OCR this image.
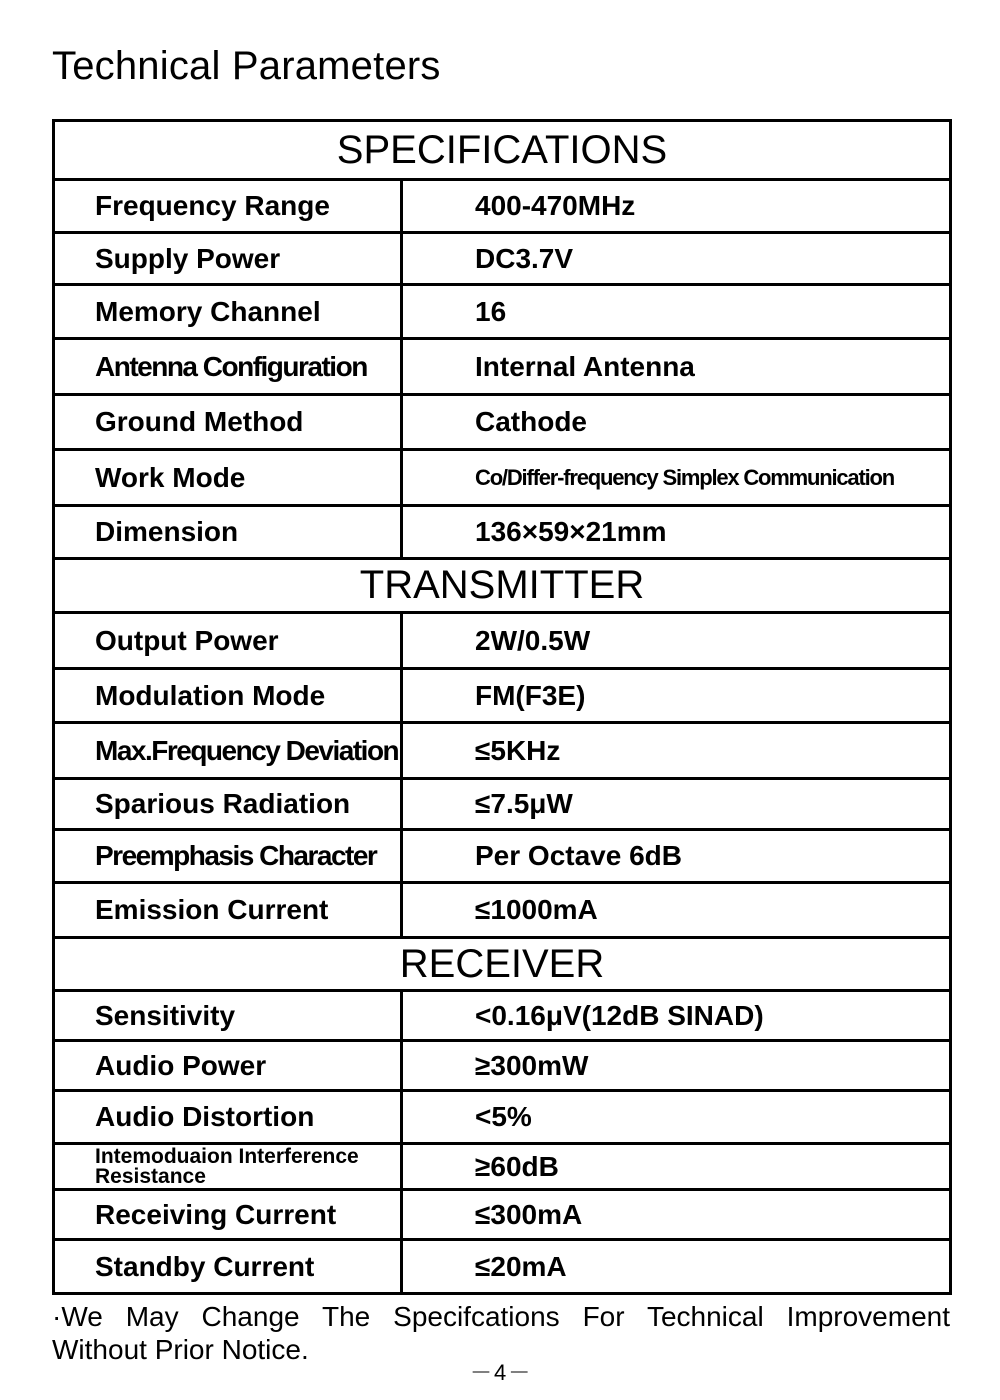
Technical Parameters
SPECIFICATIONS
Frequency Range	400-470MHz
Supply Power	DC3.7V
Memory Channel	16
Antenna Configuration	Internal Antenna
Ground Method	Cathode
Work Mode	Co/Differ-frequency Simplex Communication
Dimension	136×59×21mm
TRANSMITTER
Output Power	2W/0.5W
Modulation Mode	FM(F3E)
Max.Frequency Deviation	≤5KHz
Sparious Radiation	≤7.5μW
Preemphasis Character	Per Octave 6dB
Emission Current	≤1000mA
RECEIVER
Sensitivity	<0.16μV(12dB SINAD)
Audio Power	≥300mW
Audio Distortion	<5%
Intemoduaion Interference
Resistance	≥60dB
Receiving Current	≤300mA
Standby Current	≤20mA
·We May Change The Specifcations For Technical Improvement
Without Prior Notice.
－4－
